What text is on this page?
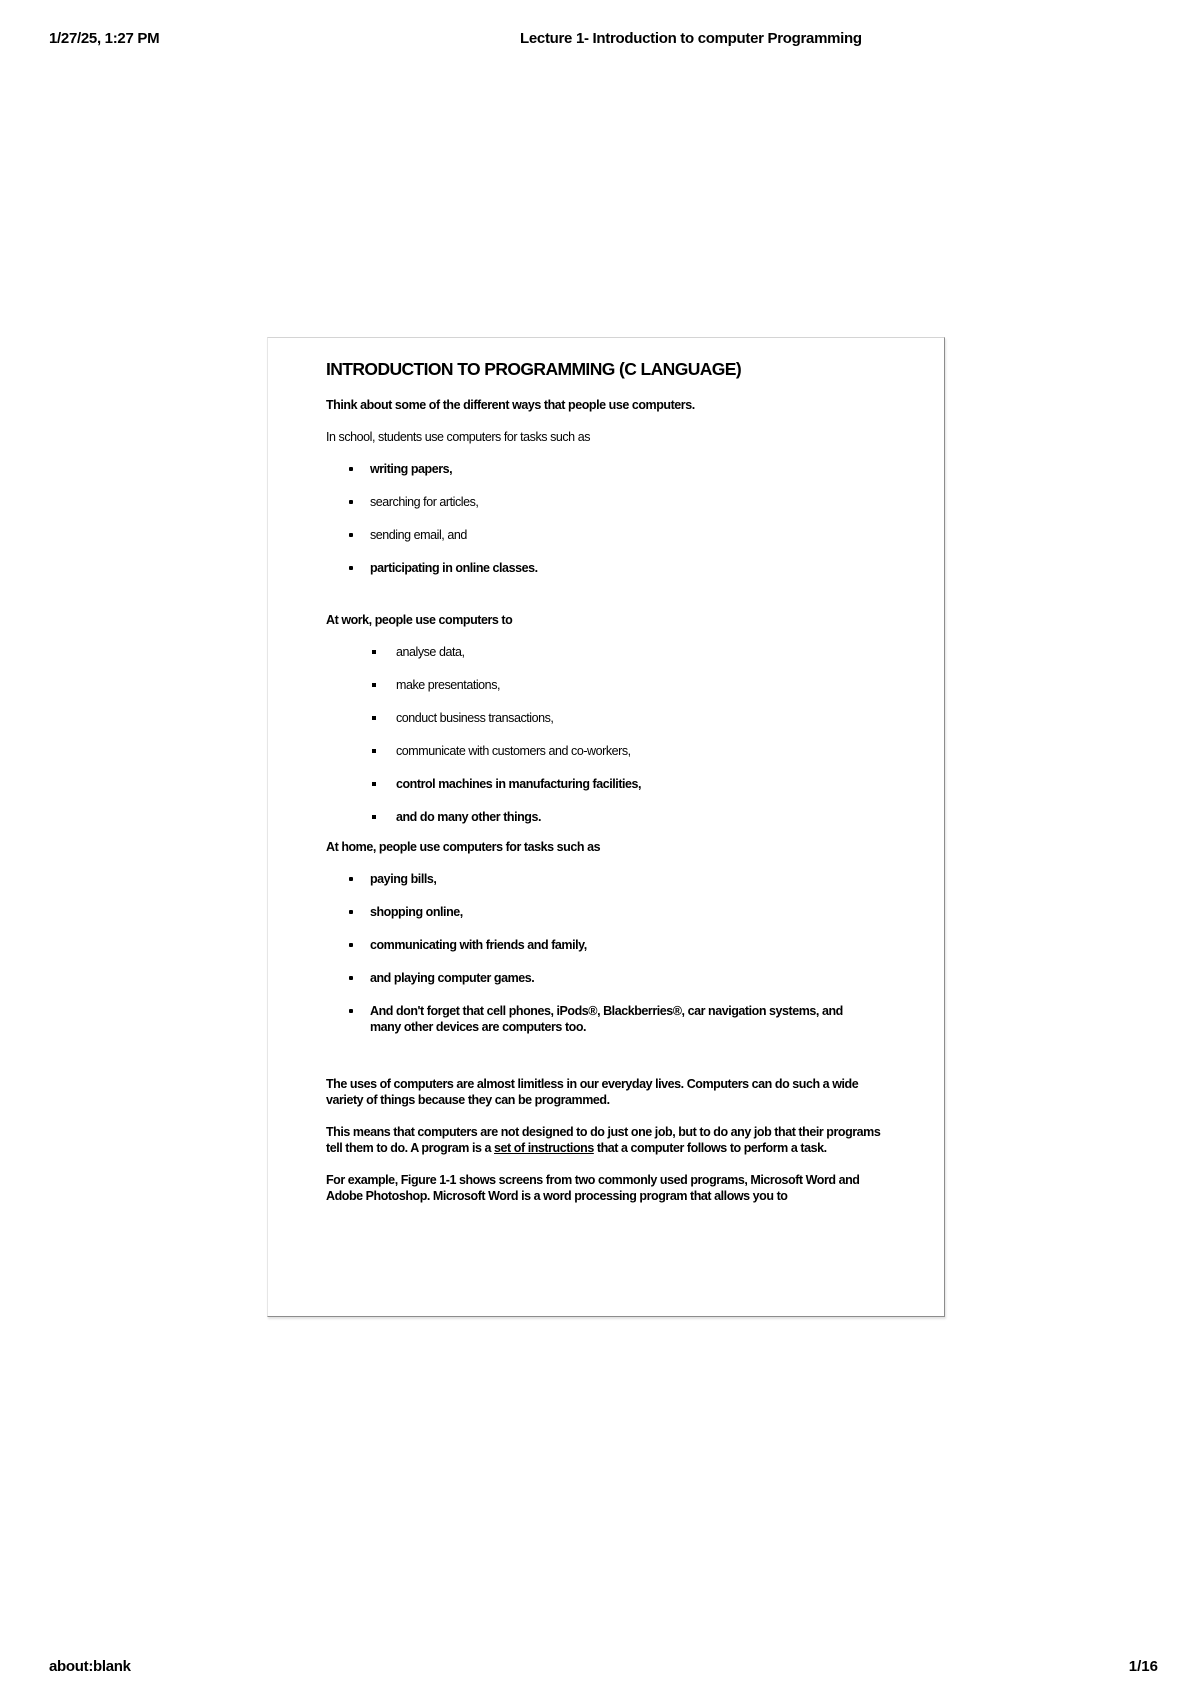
1/27/25, 1:27 PM	Lecture 1- Introduction to computer Programming
INTRODUCTION TO PROGRAMMING (C LANGUAGE)

Think about some of the different ways that people use computers.

In school, students use computers for tasks such as

writing papers,
searching for articles,
sending email, and
participating in online classes.

At work, people use computers to

analyse data,
make presentations,
conduct business transactions,
communicate with customers and co-workers,
control machines in manufacturing facilities,
and do many other things.

At home, people use computers for tasks such as

paying bills,
shopping online,
communicating with friends and family,
and playing computer games.
And don't forget that cell phones, iPods®, Blackberries®, car navigation systems, and many other devices are computers too.

The uses of computers are almost limitless in our everyday lives. Computers can do such a wide variety of things because they can be programmed.

This means that computers are not designed to do just one job, but to do any job that their programs tell them to do. A program is a set of instructions that a computer follows to perform a task.

For example, Figure 1-1 shows screens from two commonly used programs, Microsoft Word and Adobe Photoshop. Microsoft Word is a word processing program that allows you to

about:blank	1/16
